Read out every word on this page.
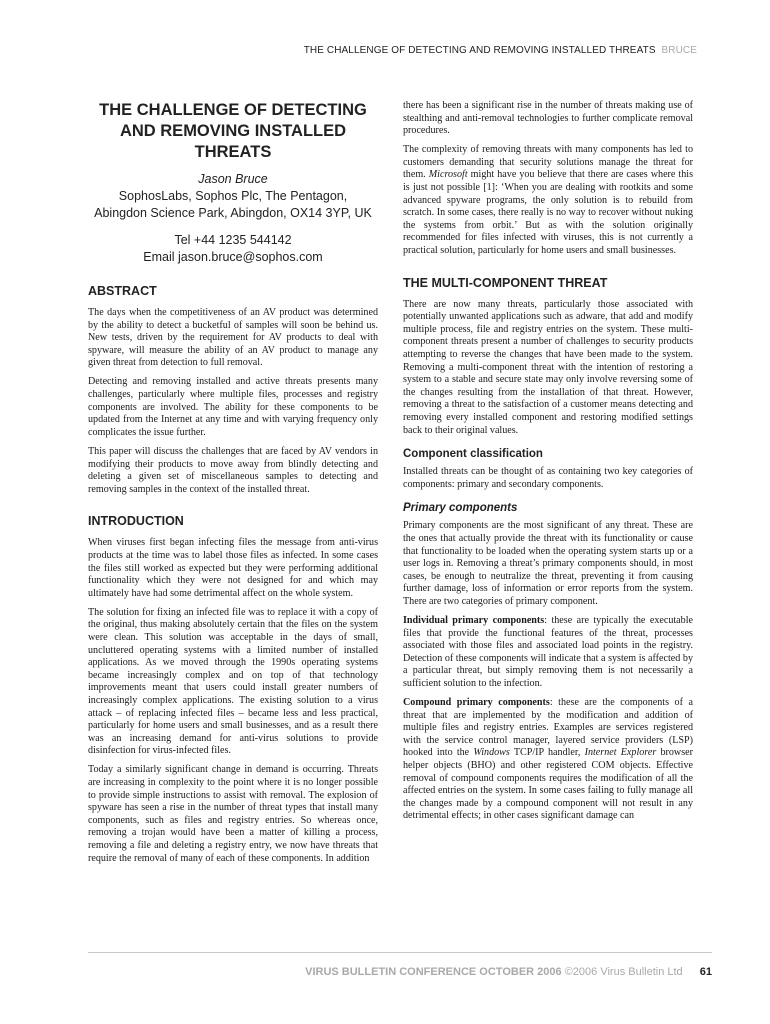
THE CHALLENGE OF DETECTING AND REMOVING INSTALLED THREATS BRUCE
THE CHALLENGE OF DETECTING AND REMOVING INSTALLED THREATS
Jason Bruce
SophosLabs, Sophos Plc, The Pentagon,
Abingdon Science Park, Abingdon, OX14 3YP, UK
Tel +44 1235 544142
Email jason.bruce@sophos.com
ABSTRACT

The days when the competitiveness of an AV product was determined by the ability to detect a bucketful of samples will soon be behind us. New tests, driven by the requirement for AV products to deal with spyware, will measure the ability of an AV product to manage any given threat from detection to full removal.

Detecting and removing installed and active threats presents many challenges, particularly where multiple files, processes and registry components are involved. The ability for these components to be updated from the Internet at any time and with varying frequency only complicates the issue further.

This paper will discuss the challenges that are faced by AV vendors in modifying their products to move away from blindly detecting and deleting a given set of miscellaneous samples to detecting and removing samples in the context of the installed threat.

INTRODUCTION

When viruses first began infecting files the message from anti-virus products at the time was to label those files as infected. In some cases the files still worked as expected but they were performing additional functionality which they were not designed for and which may ultimately have had some detrimental affect on the whole system.

The solution for fixing an infected file was to replace it with a copy of the original, thus making absolutely certain that the files on the system were clean. This solution was acceptable in the days of small, uncluttered operating systems with a limited number of installed applications. As we moved through the 1990s operating systems became increasingly complex and on top of that technology improvements meant that users could install greater numbers of increasingly complex applications. The existing solution to a virus attack – of replacing infected files – became less and less practical, particularly for home users and small businesses, and as a result there was an increasing demand for anti-virus solutions to provide disinfection for virus-infected files.

Today a similarly significant change in demand is occurring. Threats are increasing in complexity to the point where it is no longer possible to provide simple instructions to assist with removal. The explosion of spyware has seen a rise in the number of threat types that install many components, such as files and registry entries. So whereas once, removing a trojan would have been a matter of killing a process, removing a file and deleting a registry entry, we now have threats that require the removal of many of each of these components. In addition

there has been a significant rise in the number of threats making use of stealthing and anti-removal technologies to further complicate removal procedures.

The complexity of removing threats with many components has led to customers demanding that security solutions manage the threat for them. Microsoft might have you believe that there are cases where this is just not possible [1]: ‘When you are dealing with rootkits and some advanced spyware programs, the only solution is to rebuild from scratch. In some cases, there really is no way to recover without nuking the systems from orbit.’ But as with the solution originally recommended for files infected with viruses, this is not currently a practical solution, particularly for home users and small businesses.

THE MULTI-COMPONENT THREAT

There are now many threats, particularly those associated with potentially unwanted applications such as adware, that add and modify multiple process, file and registry entries on the system. These multi-component threats present a number of challenges to security products attempting to reverse the changes that have been made to the system. Removing a multi-component threat with the intention of restoring a system to a stable and secure state may only involve reversing some of the changes resulting from the installation of that threat. However, removing a threat to the satisfaction of a customer means detecting and removing every installed component and restoring modified settings back to their original values.

Component classification

Installed threats can be thought of as containing two key categories of components: primary and secondary components.

Primary components

Primary components are the most significant of any threat. These are the ones that actually provide the threat with its functionality or cause that functionality to be loaded when the operating system starts up or a user logs in. Removing a threat’s primary components should, in most cases, be enough to neutralize the threat, preventing it from causing further damage, loss of information or error reports from the system. There are two categories of primary component.

Individual primary components: these are typically the executable files that provide the functional features of the threat, processes associated with those files and associated load points in the registry. Detection of these components will indicate that a system is affected by a particular threat, but simply removing them is not necessarily a sufficient solution to the infection.

Compound primary components: these are the components of a threat that are implemented by the modification and addition of multiple files and registry entries. Examples are services registered with the service control manager, layered service providers (LSP) hooked into the Windows TCP/IP handler, Internet Explorer browser helper objects (BHO) and other registered COM objects. Effective removal of compound components requires the modification of all the affected entries on the system. In some cases failing to fully manage all the changes made by a compound component will not result in any detrimental effects; in other cases significant damage can

VIRUS BULLETIN CONFERENCE OCTOBER 2006 ©2006 Virus Bulletin Ltd 61
